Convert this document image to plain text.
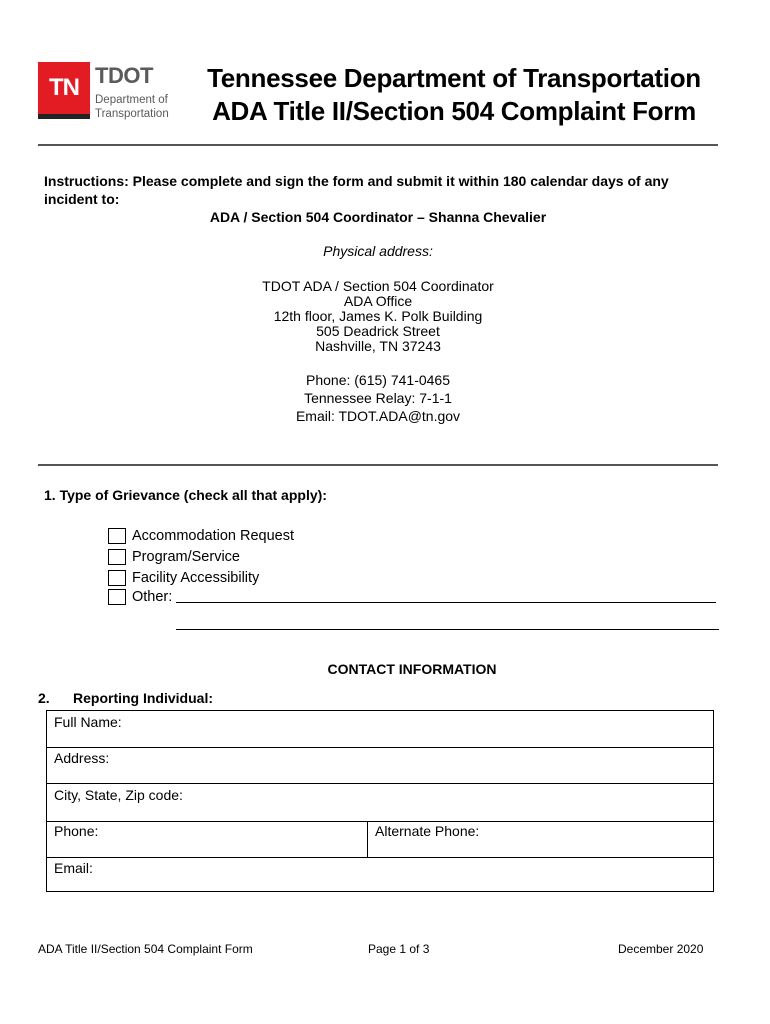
TN TDOT
Department of
Transportation
Tennessee Department of Transportation
ADA Title II/Section 504 Complaint Form
Instructions: Please complete and sign the form and submit it within 180 calendar days of any incident to:
ADA / Section 504 Coordinator – Shanna Chevalier
Physical address:
TDOT ADA / Section 504 Coordinator
ADA Office
12th floor, James K. Polk Building
505 Deadrick Street
Nashville, TN 37243
Phone: (615) 741-0465
Tennessee Relay: 7-1-1
Email: TDOT.ADA@tn.gov
1. Type of Grievance (check all that apply):
Accommodation Request
Program/Service
Facility Accessibility
Other:
CONTACT INFORMATION
2. Reporting Individual:
Full Name:
Address:
City, State, Zip code:
Phone:	Alternate Phone:
Email:
ADA Title II/Section 504 Complaint Form	Page 1 of 3	December 2020
